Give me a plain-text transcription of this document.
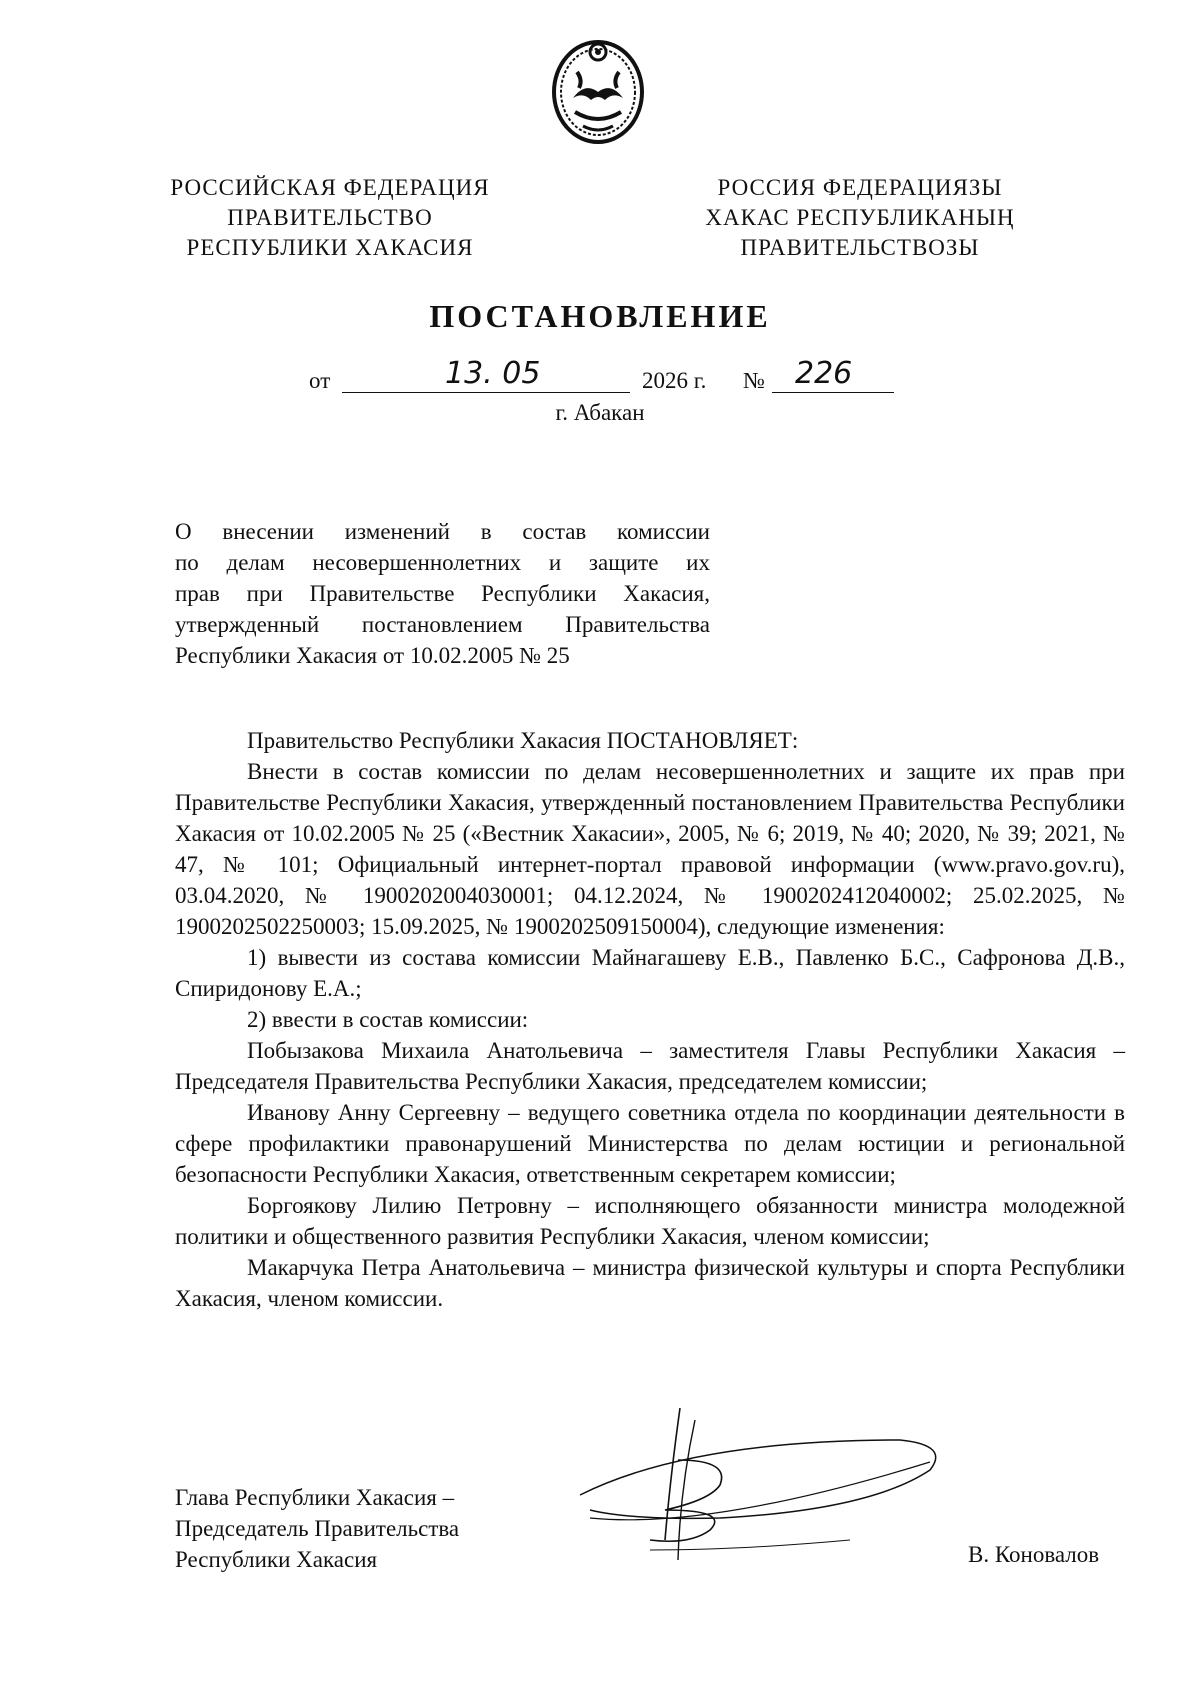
РОССИЙСКАЯ ФЕДЕРАЦИЯ
ПРАВИТЕЛЬСТВО
РЕСПУБЛИКИ ХАКАСИЯ
РОССИЯ ФЕДЕРАЦИЯЗЫ
ХАКАС РЕСПУБЛИКАНЫҢ
ПРАВИТЕЛЬСТВОЗЫ
ПОСТАНОВЛЕНИЕ
от	13. 05	2026 г. № 226
г. Абакан
О внесении изменений в состав комиссии
по делам несовершеннолетних и защите их
прав при Правительстве Республики Хакасия,
утвержденный постановлением Правительства
Республики Хакасия от 10.02.2005 № 25

Правительство Республики Хакасия ПОСТАНОВЛЯЕТ:

Внести в состав комиссии по делам несовершеннолетних и защите их прав при Правительстве Республики Хакасия, утвержденный постановлением Правительства Республики Хакасия от 10.02.2005 № 25 («Вестник Хакасии», 2005, № 6; 2019, № 40; 2020, № 39; 2021, № 47, № 101; Официальный интернет-портал правовой информации (www.pravo.gov.ru), 03.04.2020, № 1900202004030001; 04.12.2024, № 1900202412040002; 25.02.2025, № 1900202502250003; 15.09.2025, № 1900202509150004), следующие изменения:

1) вывести из состава комиссии Майнагашеву Е.В., Павленко Б.С., Сафронова Д.В., Спиридонову Е.А.;

2) ввести в состав комиссии:

Побызакова Михаила Анатольевича – заместителя Главы Республики Хакасия – Председателя Правительства Республики Хакасия, председателем комиссии;

Иванову Анну Сергеевну – ведущего советника отдела по координации деятельности в сфере профилактики правонарушений Министерства по делам юстиции и региональной безопасности Республики Хакасия, ответственным секретарем комиссии;

Боргоякову Лилию Петровну – исполняющего обязанности министра молодежной политики и общественного развития Республики Хакасия, членом комиссии;

Макарчука Петра Анатольевича – министра физической культуры и спорта Республики Хакасия, членом комиссии.

Глава Республики Хакасия –
Председатель Правительства
Республики Хакасия	В. Коновалов
